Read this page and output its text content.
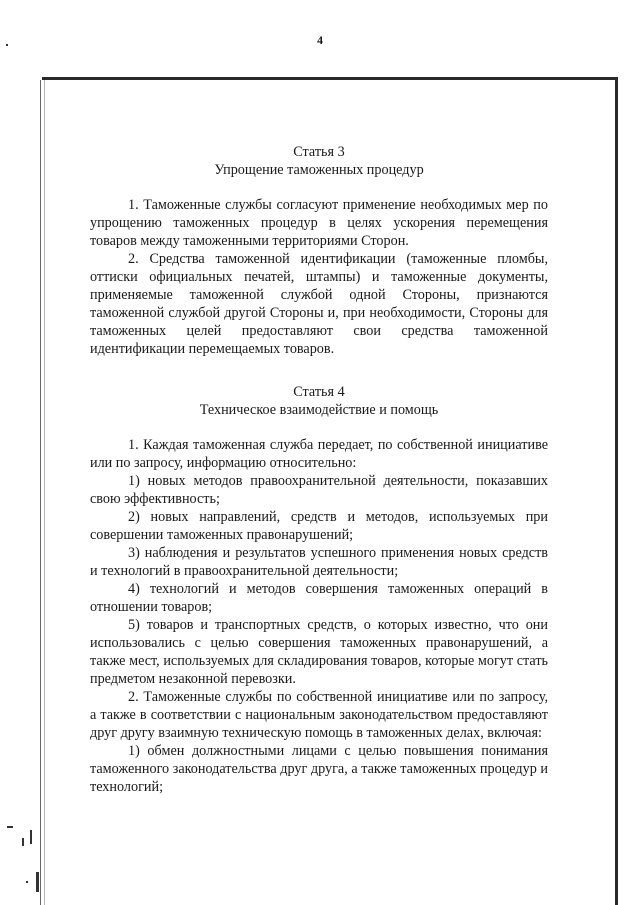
4
Статья 3
Упрощение таможенных процедур

1. Таможенные службы согласуют применение необходимых мер по упрощению таможенных процедур в целях ускорения перемещения товаров между таможенными территориями Сторон.

2. Средства таможенной идентификации (таможенные пломбы, оттиски официальных печатей, штампы) и таможенные документы, применяемые таможенной службой одной Стороны, признаются таможенной службой другой Стороны и, при необходимости, Стороны для таможенных целей предоставляют свои средства таможенной идентификации перемещаемых товаров.

Статья 4
Техническое взаимодействие и помощь

1. Каждая таможенная служба передает, по собственной инициативе или по запросу, информацию относительно:

1) новых методов правоохранительной деятельности, показавших свою эффективность;

2) новых направлений, средств и методов, используемых при совершении таможенных правонарушений;

3) наблюдения и результатов успешного применения новых средств и технологий в правоохранительной деятельности;

4) технологий и методов совершения таможенных операций в отношении товаров;

5) товаров и транспортных средств, о которых известно, что они использовались с целью совершения таможенных правонарушений, а также мест, используемых для складирования товаров, которые могут стать предметом незаконной перевозки.

2. Таможенные службы по собственной инициативе или по запросу, а также в соответствии с национальным законодательством предоставляют друг другу взаимную техническую помощь в таможенных делах, включая:

1) обмен должностными лицами с целью повышения понимания таможенного законодательства друг друга, а также таможенных процедур и технологий;
